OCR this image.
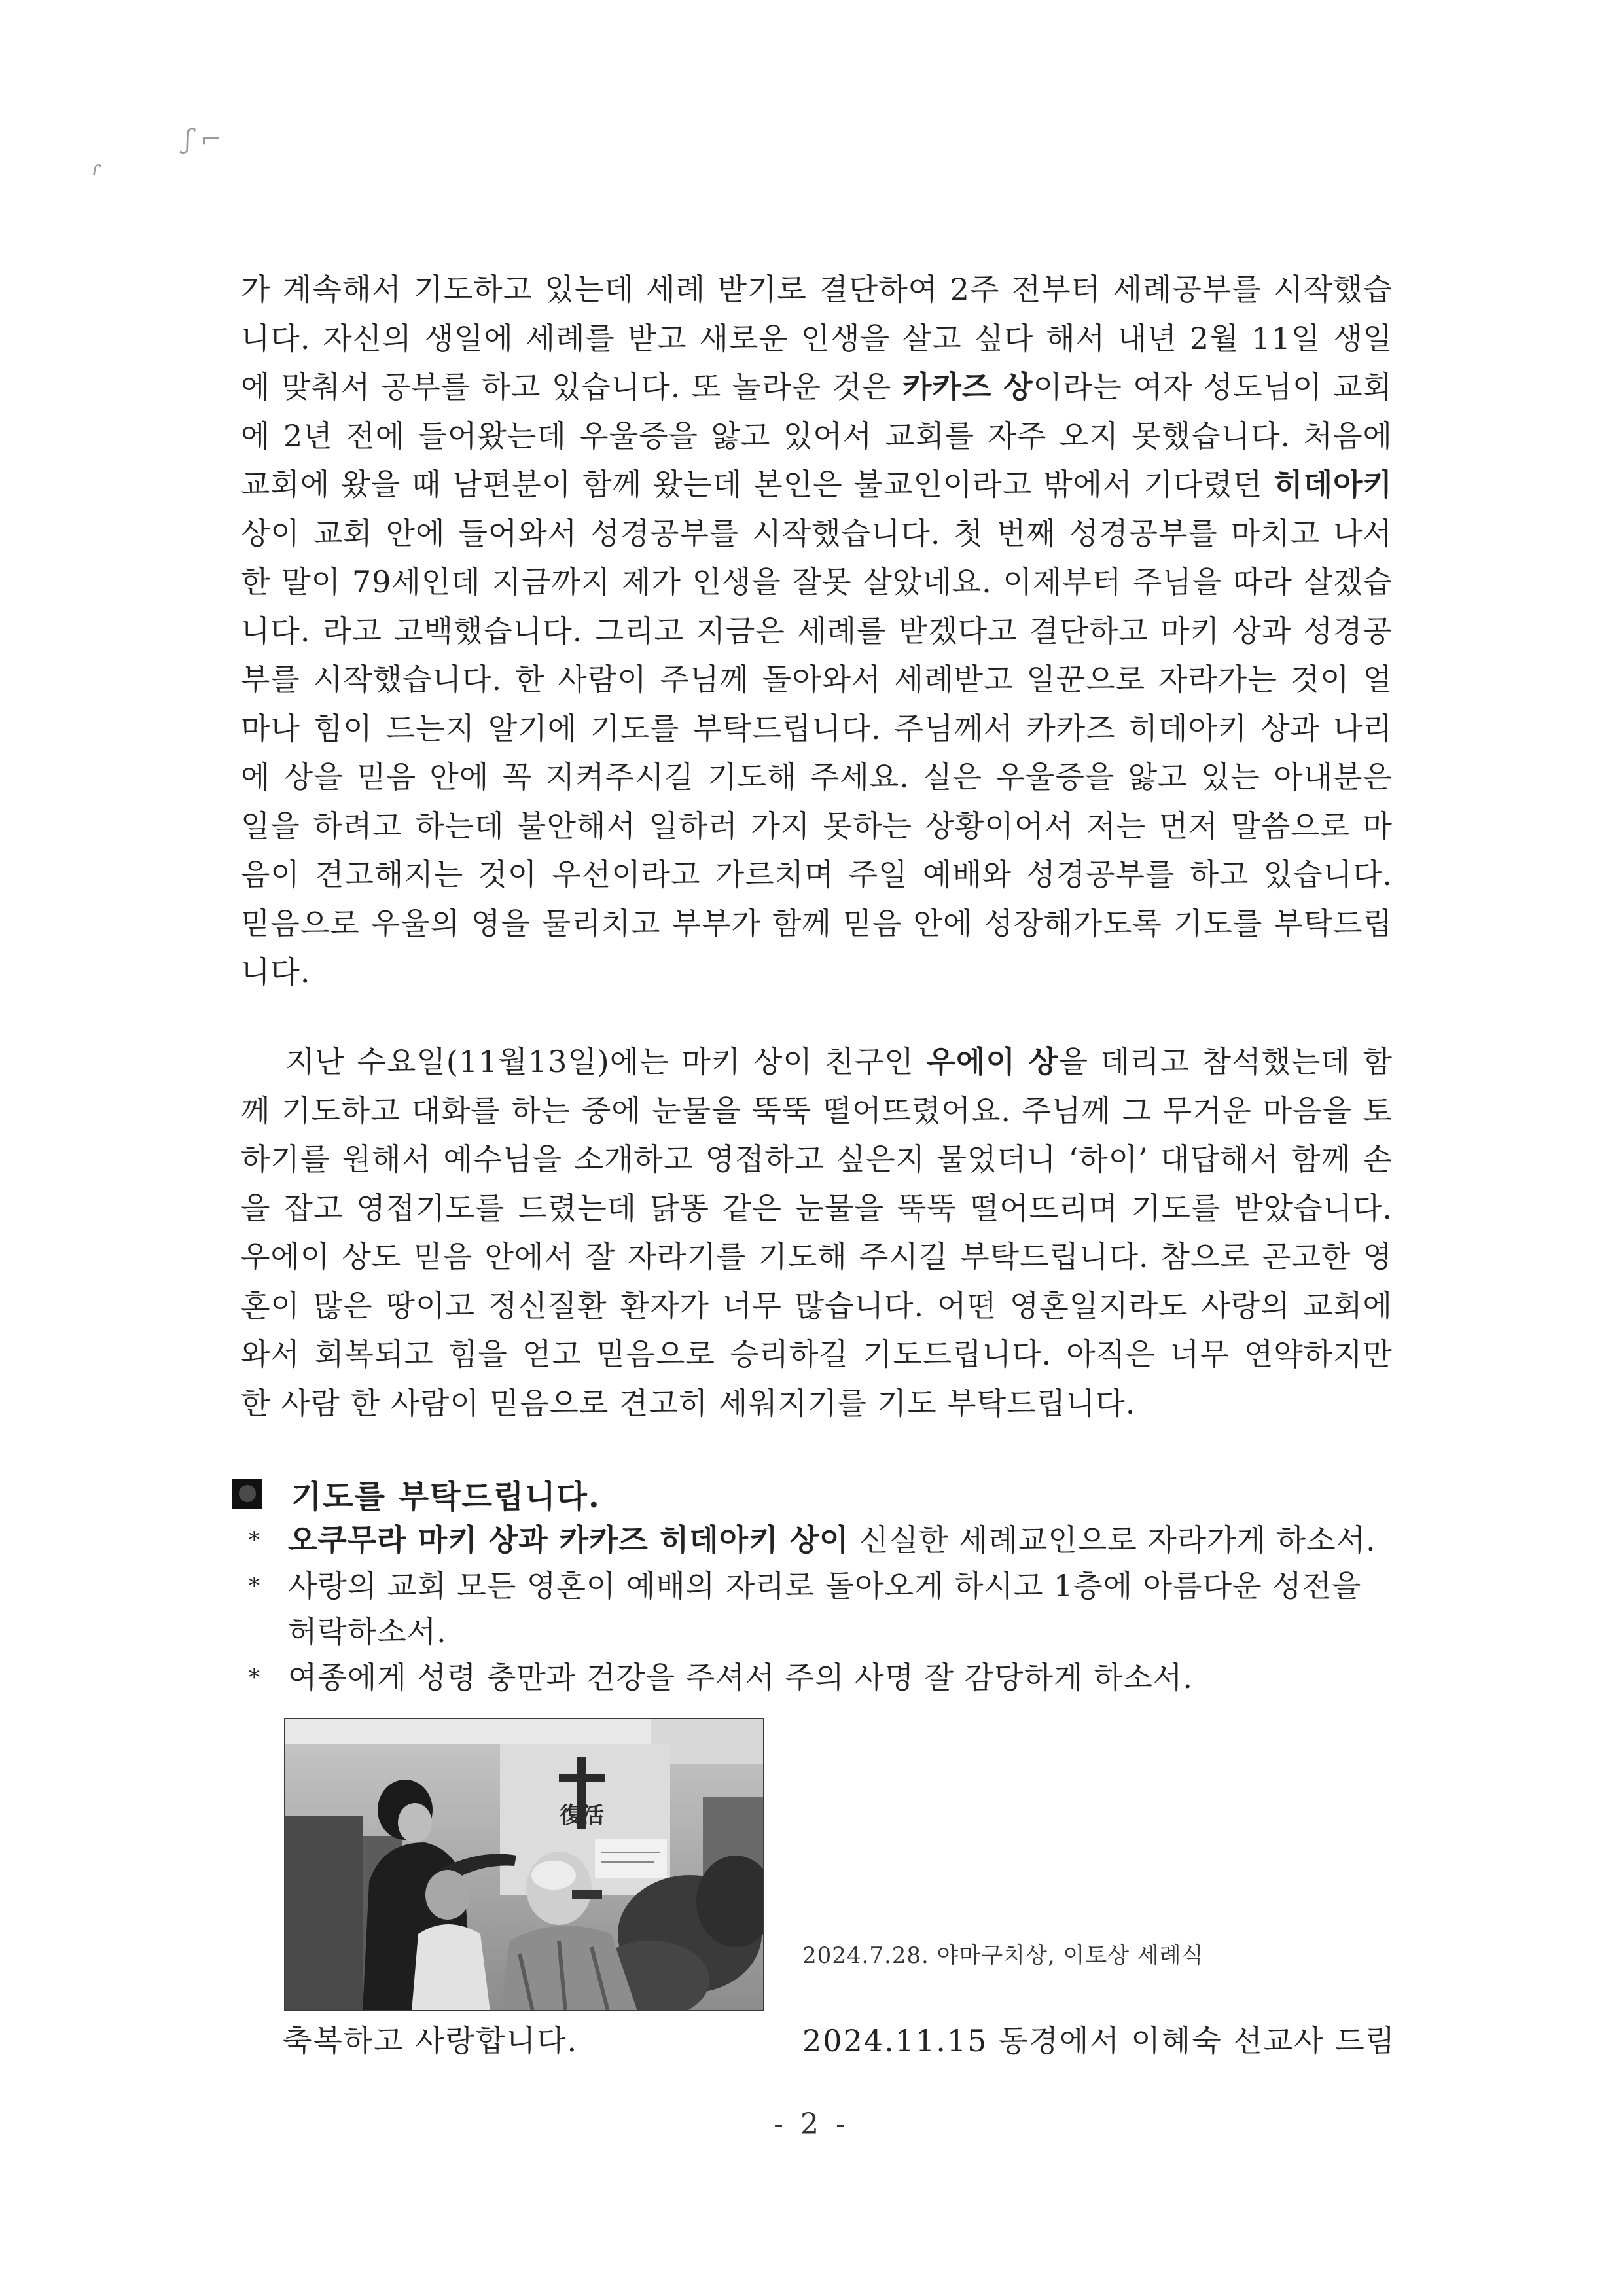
ʃ ⌐
ɾ

가 계속해서 기도하고 있는데 세례 받기로 결단하여 2주 전부터 세례공부를 시작했습니다. 자신의 생일에 세례를 받고 새로운 인생을 살고 싶다 해서 내년 2월 11일 생일에 맞춰서 공부를 하고 있습니다. 또 놀라운 것은 카카즈 상이라는 여자 성도님이 교회에 2년 전에 들어왔는데 우울증을 앓고 있어서 교회를 자주 오지 못했습니다. 처음에 교회에 왔을 때 남편분이 함께 왔는데 본인은 불교인이라고 밖에서 기다렸던 히데아키 상이 교회 안에 들어와서 성경공부를 시작했습니다. 첫 번째 성경공부를 마치고 나서 한 말이 79세인데 지금까지 제가 인생을 잘못 살았네요. 이제부터 주님을 따라 살겠습니다. 라고 고백했습니다. 그리고 지금은 세례를 받겠다고 결단하고 마키 상과 성경공부를 시작했습니다. 한 사람이 주님께 돌아와서 세례받고 일꾼으로 자라가는 것이 얼마나 힘이 드는지 알기에 기도를 부탁드립니다. 주님께서 카카즈 히데아키 상과 나리에 상을 믿음 안에 꼭 지켜주시길 기도해 주세요. 실은 우울증을 앓고 있는 아내분은 일을 하려고 하는데 불안해서 일하러 가지 못하는 상황이어서 저는 먼저 말씀으로 마음이 견고해지는 것이 우선이라고 가르치며 주일 예배와 성경공부를 하고 있습니다. 믿음으로 우울의 영을 물리치고 부부가 함께 믿음 안에 성장해가도록 기도를 부탁드립니다.

지난 수요일(11월13일)에는 마키 상이 친구인 우에이 상을 데리고 참석했는데 함께 기도하고 대화를 하는 중에 눈물을 뚝뚝 떨어뜨렸어요. 주님께 그 무거운 마음을 토하기를 원해서 예수님을 소개하고 영접하고 싶은지 물었더니 ‘하이’ 대답해서 함께 손을 잡고 영접기도를 드렸는데 닭똥 같은 눈물을 뚝뚝 떨어뜨리며 기도를 받았습니다. 우에이 상도 믿음 안에서 잘 자라기를 기도해 주시길 부탁드립니다. 참으로 곤고한 영혼이 많은 땅이고 정신질환 환자가 너무 많습니다. 어떤 영혼일지라도 사랑의 교회에 와서 회복되고 힘을 얻고 믿음으로 승리하길 기도드립니다. 아직은 너무 연약하지만 한 사람 한 사람이 믿음으로 견고히 세워지기를 기도 부탁드립니다.

기도를 부탁드립니다.
* 오쿠무라 마키 상과 카카즈 히데아키 상이 신실한 세례교인으로 자라가게 하소서.
* 사랑의 교회 모든 영혼이 예배의 자리로 돌아오게 하시고 1층에 아름다운 성전을 허락하소서.
* 여종에게 성령 충만과 건강을 주셔서 주의 사명 잘 감당하게 하소서.
復活
2024.7.28. 야마구치상, 이토상 세례식
축복하고 사랑합니다.	2024.11.15 동경에서 이혜숙 선교사 드림
- 2 -
